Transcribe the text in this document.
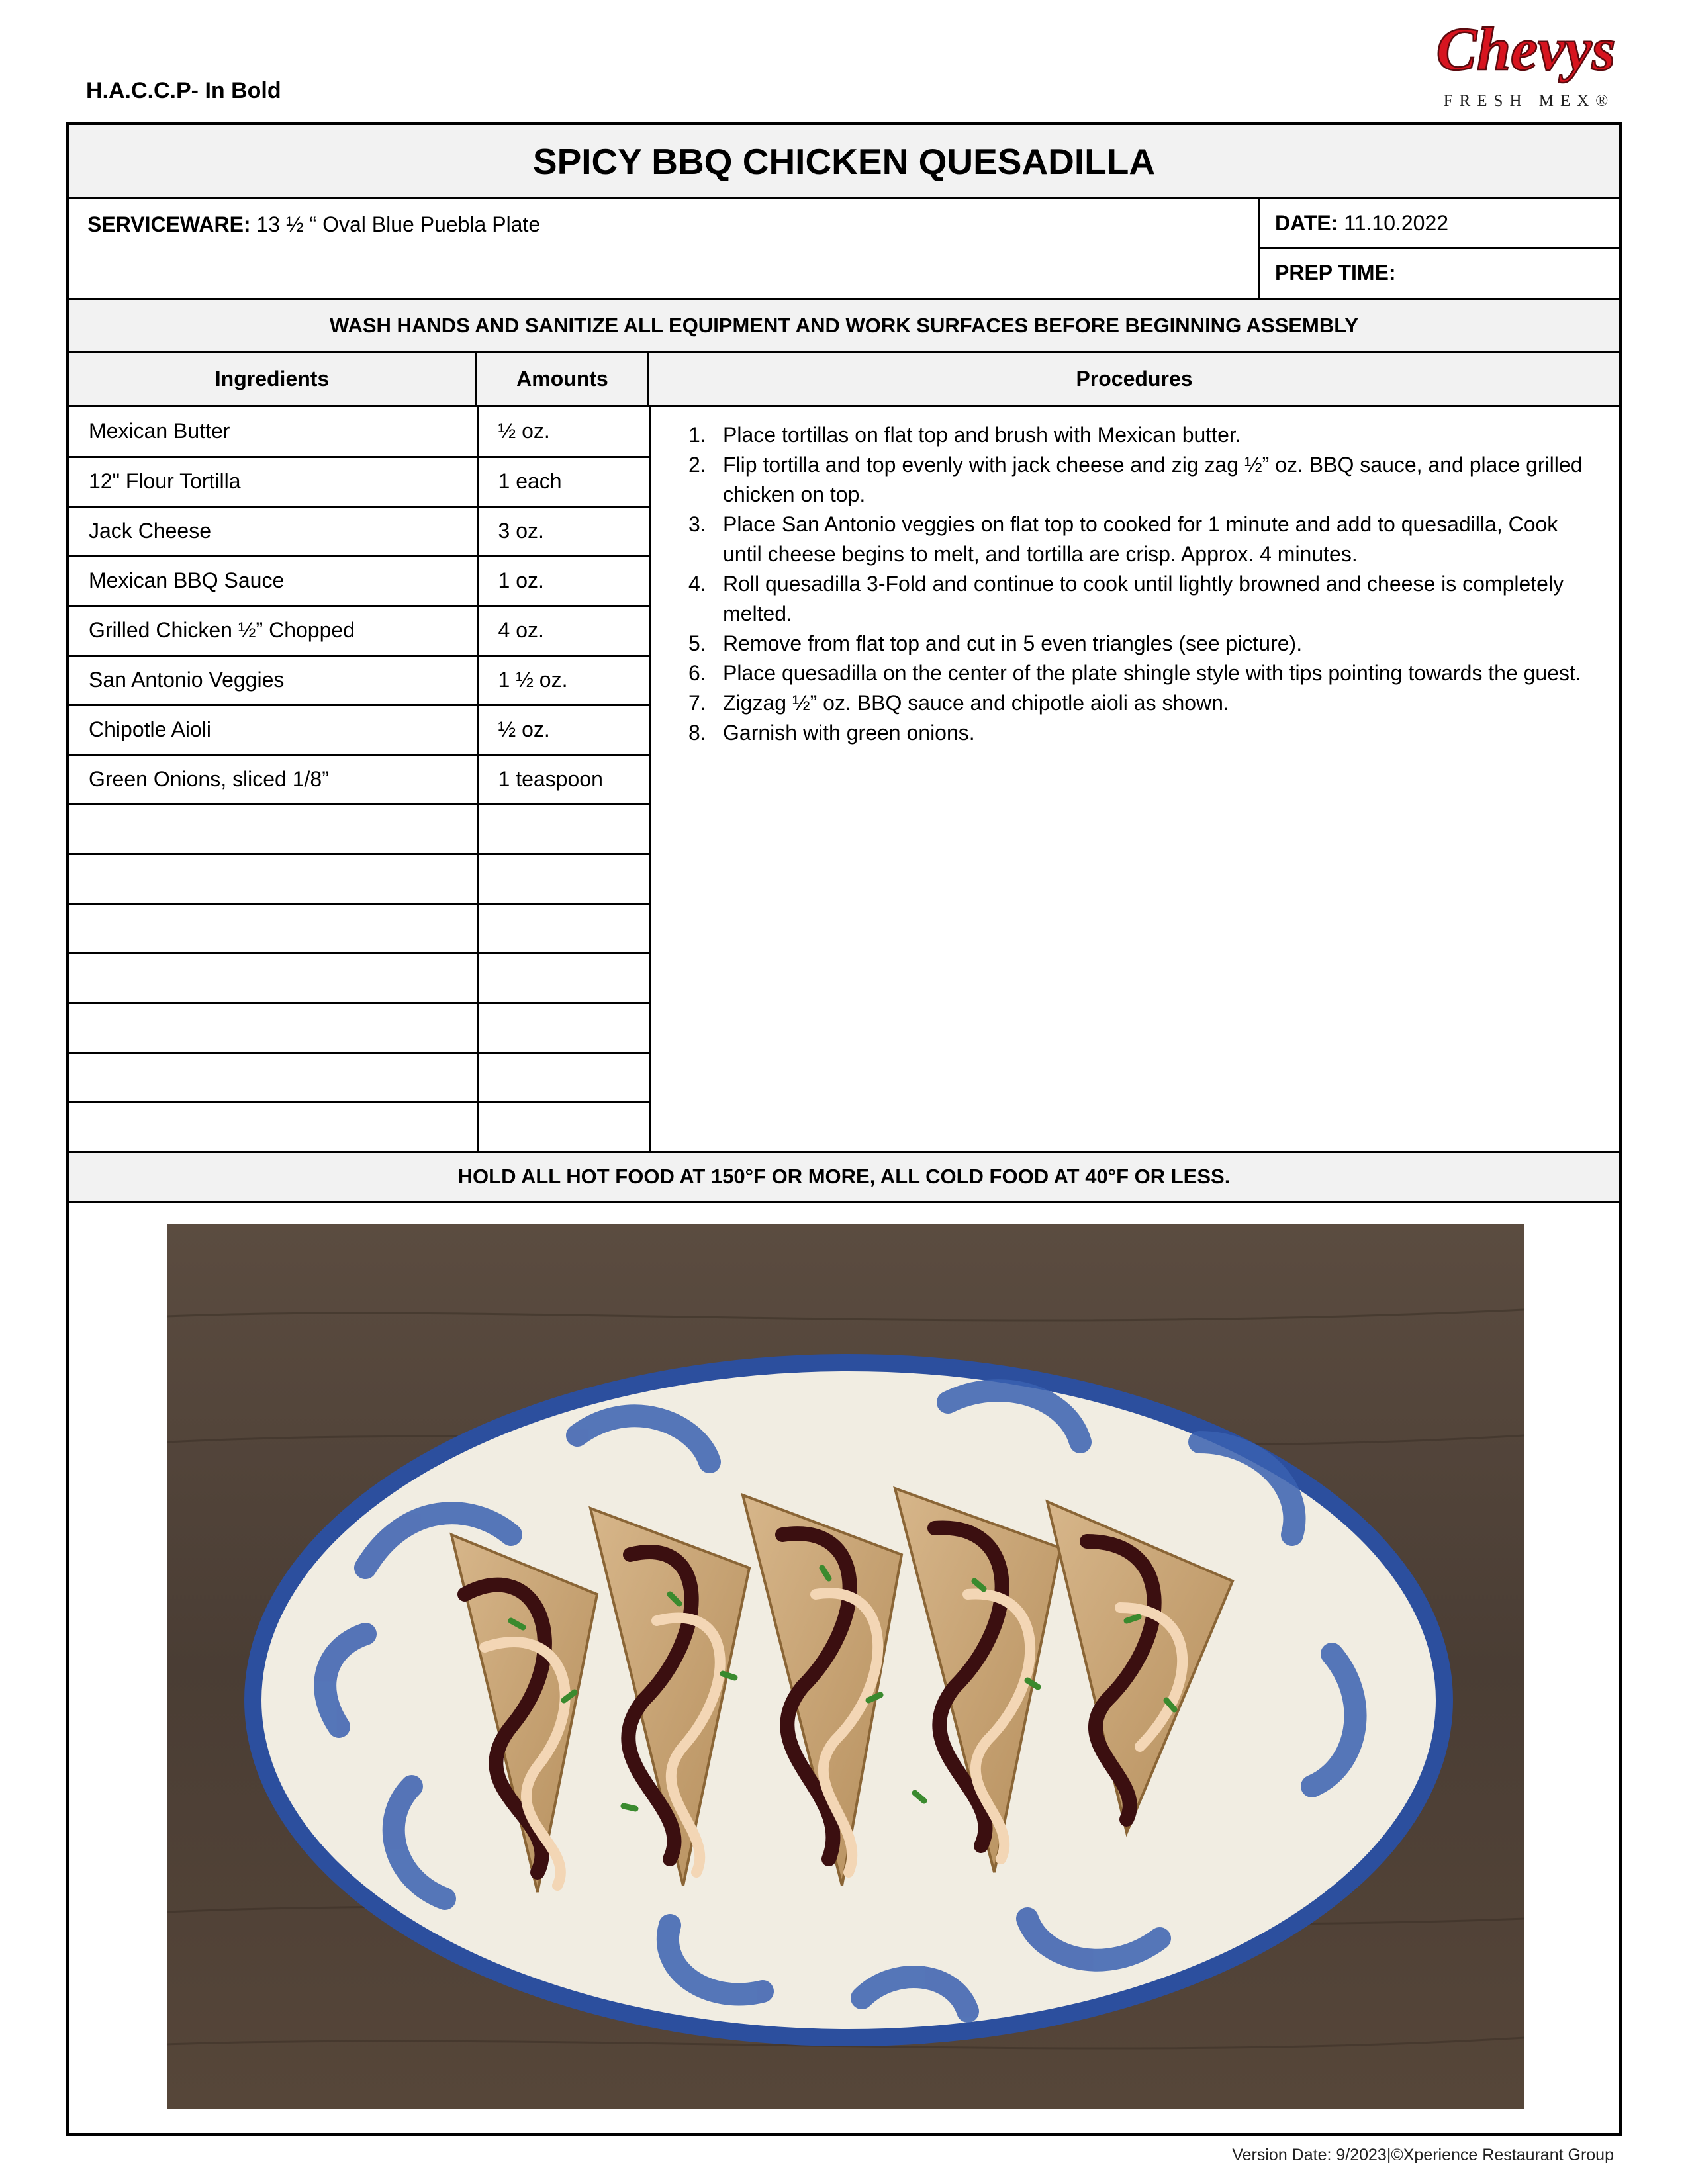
H.A.C.C.P- In Bold
Chevys
FRESH MEX®
SPICY BBQ CHICKEN QUESADILLA
SERVICEWARE: 13 ½ “ Oval Blue Puebla Plate	DATE: 11.10.2022
PREP TIME:
WASH HANDS AND SANITIZE ALL EQUIPMENT AND WORK SURFACES BEFORE BEGINNING ASSEMBLY
Ingredients	Amounts	Procedures
Mexican Butter	½ oz.
12" Flour Tortilla	1 each
Jack Cheese	3 oz.
Mexican BBQ Sauce	1 oz.
Grilled Chicken ½” Chopped	4 oz.
San Antonio Veggies	1 ½ oz.
Chipotle Aioli	½ oz.
Green Onions, sliced 1/8”	1 teaspoon

1. Place tortillas on flat top and brush with Mexican butter.
2. Flip tortilla and top evenly with jack cheese and zig zag ½” oz. BBQ sauce, and place grilled chicken on top.
3. Place San Antonio veggies on flat top to cooked for 1 minute and add to quesadilla, Cook until cheese begins to melt, and tortilla are crisp. Approx. 4 minutes.
4. Roll quesadilla 3-Fold and continue to cook until lightly browned and cheese is completely melted.
5. Remove from flat top and cut in 5 even triangles (see picture).
6. Place quesadilla on the center of the plate shingle style with tips pointing towards the guest.
7. Zigzag ½” oz. BBQ sauce and chipotle aioli as shown.
8. Garnish with green onions.
HOLD ALL HOT FOOD AT 150°F OR MORE, ALL COLD FOOD AT 40°F OR LESS.
Version Date: 9/2023|©Xperience Restaurant Group
